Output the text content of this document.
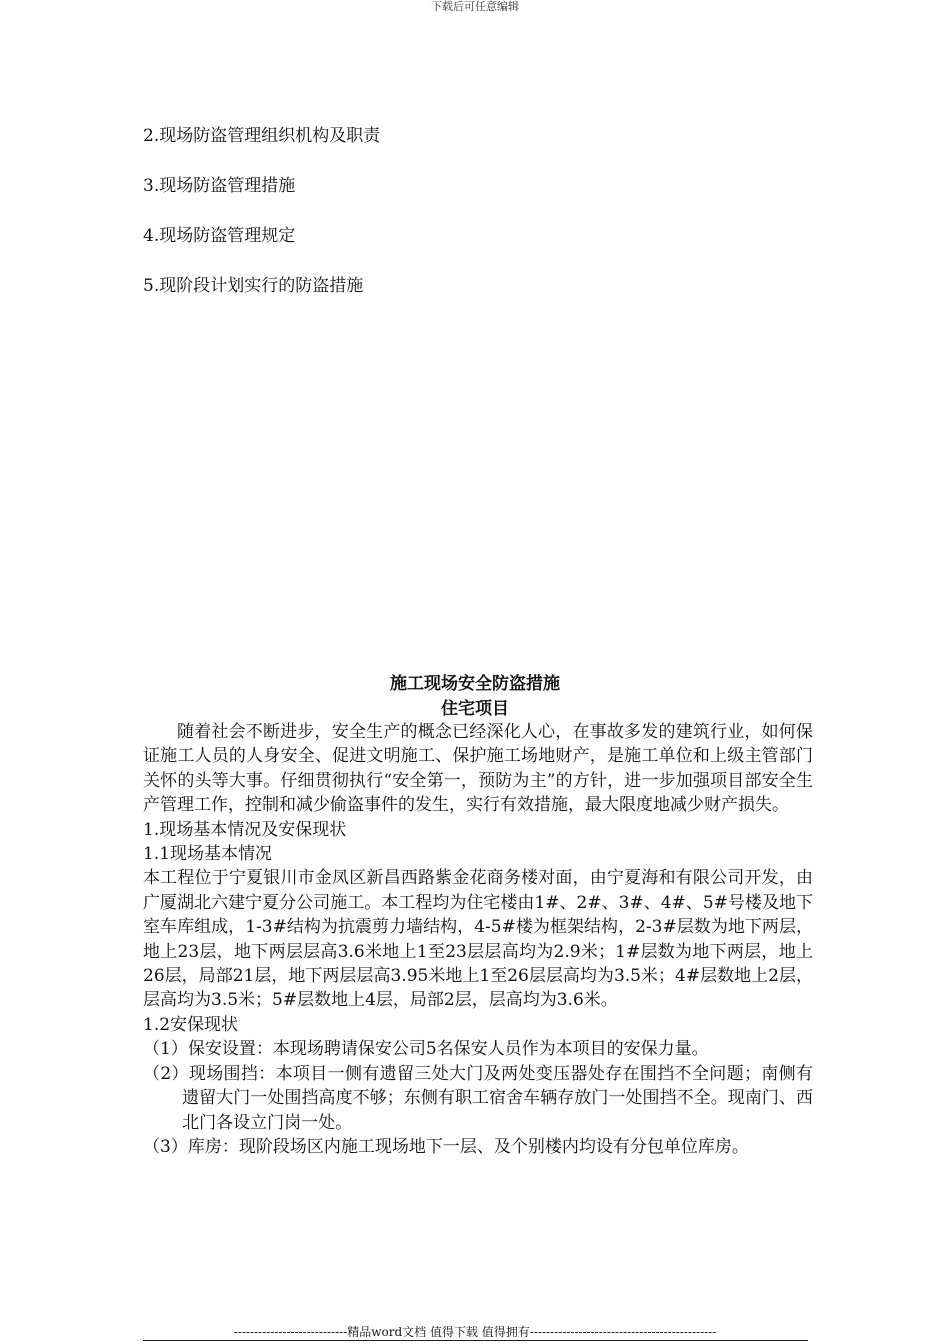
下载后可任意编辑
2.现场防盗管理组织机构及职责
3.现场防盗管理措施
4.现场防盗管理规定
5.现阶段计划实行的防盗措施
施工现场安全防盗措施
住宅项目

随着社会不断进步，安全生产的概念已经深化人心，在事故多发的建筑行业，如何保证施工人员的人身安全、促进文明施工、保护施工场地财产，是施工单位和上级主管部门关怀的头等大事。仔细贯彻执行“安全第一，预防为主”的方针，进一步加强项目部安全生产管理工作，控制和减少偷盗事件的发生，实行有效措施，最大限度地减少财产损失。

1.现场基本情况及安保现状

1.1现场基本情况

本工程位于宁夏银川市金凤区新昌西路紫金花商务楼对面，由宁夏海和有限公司开发，由广厦湖北六建宁夏分公司施工。本工程均为住宅楼由1#、2#、3#、4#、5#号楼及地下室车库组成，1-3#结构为抗震剪力墙结构，4-5#楼为框架结构，2-3#层数为地下两层，地上23层，地下两层层高3.6米地上1至23层层高均为2.9米；1#层数为地下两层，地上26层，局部21层，地下两层层高3.95米地上1至26层层高均为3.5米；4#层数地上2层，层高均为3.5米；5#层数地上4层，局部2层，层高均为3.6米。

1.2安保现状

（1）保安设置：本现场聘请保安公司5名保安人员作为本项目的安保力量。

（2）现场围挡：本项目一侧有遗留三处大门及两处变压器处存在围挡不全问题；南侧有遗留大门一处围挡高度不够；东侧有职工宿舍车辆存放门一处围挡不全。现南门、西北门各设立门岗一处。

（3）库房：现阶段场区内施工现场地下一层、及个别楼内均设有分包单位库房。

----------------------------精品word文档 值得下载 值得拥有----------------------------------------------
